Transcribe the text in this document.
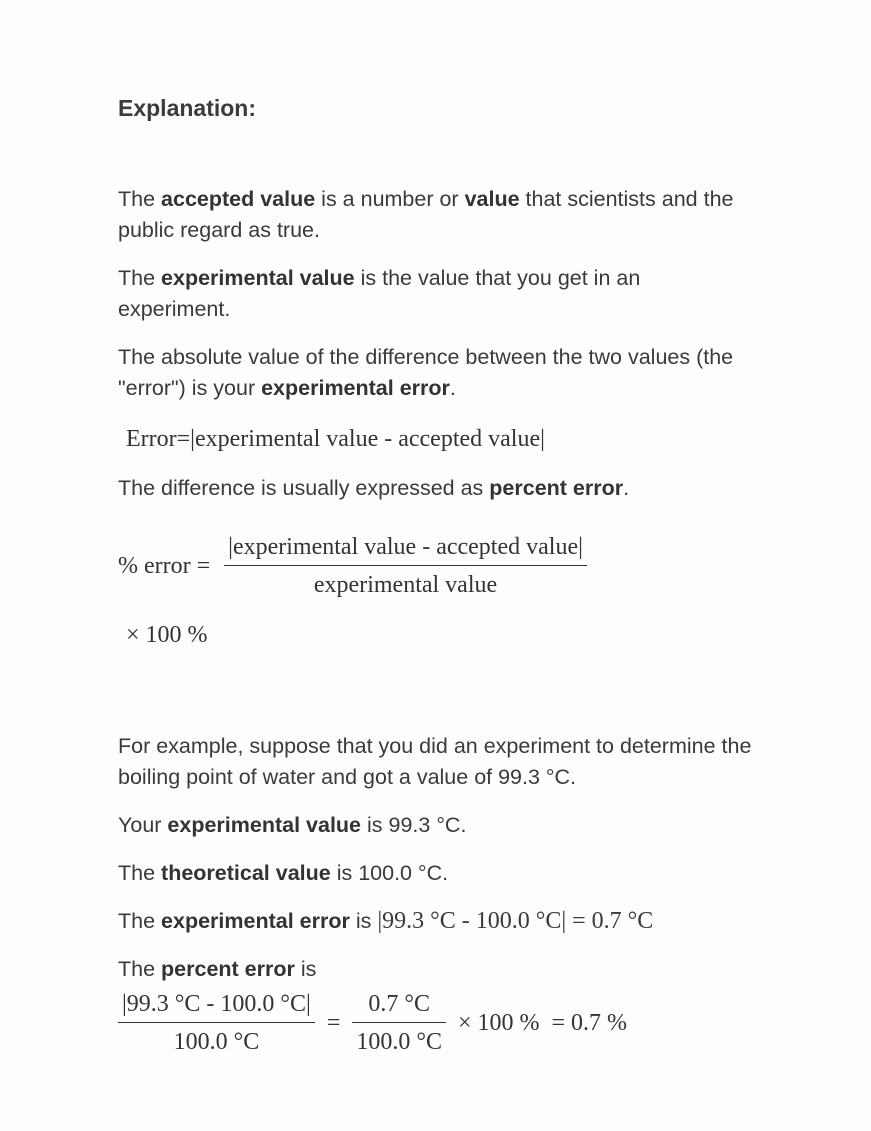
Explanation:

The accepted value is a number or value that scientists and the public regard as true.

The experimental value is the value that you get in an experiment.

The absolute value of the difference between the two values (the "error") is your experimental error.

Error=|experimental value - accepted value|

The difference is usually expressed as percent error.

% error = $\frac{\text{|experimental value - accepted value|}}{\text{experimental value}}$
× 100 %

For example, suppose that you did an experiment to determine the boiling point of water and got a value of 99.3 °C.

Your experimental value is 99.3 °C.

The theoretical value is 100.0 °C.

The experimental error is |99.3 °C - 100.0 °C| = 0.7 °C

The percent error is

$\frac{|99.3 ^\circ C - 100.0 ^\circ C|}{100.0 ^\circ C} = \frac{0.7 ^\circ C}{100.0 ^\circ C} \times 100$ %  = 0.7 %
